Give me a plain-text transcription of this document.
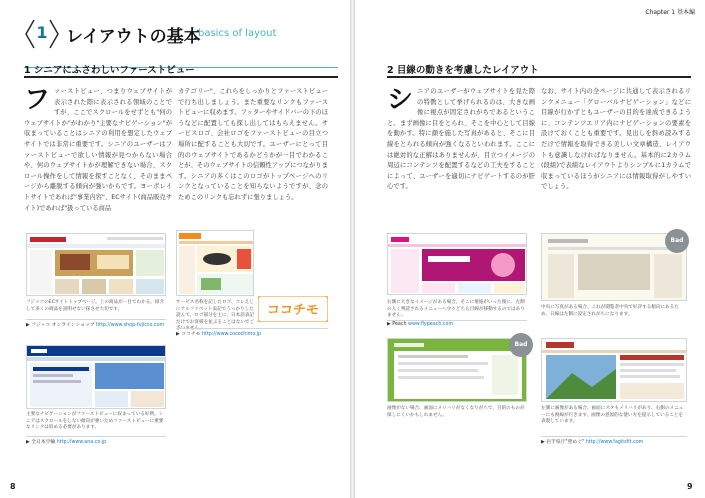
1	レイアウトの基本
basics of layout
1 シニアにふさわしいファーストビュー
フ ァーストビュー、つまりウェブサイトが表示された際に表示される領域のことですが、ここでスクロールをせずとも"何のウェブサイトか"がわかり"主要なナビゲーション"が収まっていることはシニアの利用を想定したウェブサイトでは非常に重要です。シニアのユーザーはファーストビューで欲しい情報が見つからない場合や、何のウェブサイトかが理解できない場合、スクロール操作をして情報を探すことなく、そのままページから離脱する傾向が強いからです。ヨーボレイトサイトであれば"事業内容"、ECサイト(商品販売サイト)であれば"扱っている商品
カテゴリー"、これらをしっかりとファーストビューで行ち出しましょう。また重要なリンクもファーストビューに収めます。フッターやサイドバーの下のほうなどに配置しても探し出してはもらえません。サービスロゴ、会社ロゴをファーストビューの目立つ場所に配することも大切です。ユーザーにとって目的のウェブサイトであるかどうかが一目でわかることが、そのウェブサイトの信頼性アップにつながります。シニアの多くはこのロゴがトップページへのリンクとなっていることを知らないようですが、念のためこのリンクも忘れずに張りましょう。
フジッコのECサイトトップページ。上の商品が一目でわかる。紹介して多くの商品を説明せない探させ大切です。
▶ フジッコ オンラインショップ http://www.shop-fujicco.com
ココチモ
サービス名称を記したロゴ、コレえじにアルファベット表記でうっかりした読んで、ロゴ部分を主に、日本語表記だけでお客様を並ぶることはないでございません。
▶ ココチモ http://www.cocochimo.jp
主要なナビゲーションがファーストビューに収まっている好例。シニアはスクロールをしない傾向が強いためファーストビューに重要なリンクは収める必要があります。
▶ 全日本空輸 http://www.ana.co.jp
8
Chapter 1 基本編
2 目線の動きを考慮したレイアウト
シ ニアのユーザーがウェブサイトを見た際の特徴として挙げられるのは、大きな画像に視点が固定されがちであるということ。まず画像に目をとられ、そこを中心として目線を動かす。特に顔を施した写真があると、そこに目線をとられる傾向が強くなるといわれます。ここには絶対的な正解はありませんが、目立つイメージの周辺にコンテンツを配置するなどの工夫をすることによって、ユーザーを適切にナビゲートするのが肝心です。
なお、サイト内の全ページに共通して表示されるリンクメニュー「グローバルナビゲーション」などに目線が行かずともユーザーの目的を達成できるように、コンテンツエリア内にナビゲーションの要素を設けておくことも重要です。見出しを斜め読みするだけで情報を取得できる美しい文章構造、レイアウトも意識しなければなりません。基本的に2カラム(段組)で表組なレイアウトよりシンプルに1カラムで収まっているほうがシニアには情報取得がしやすいでしょう。
右側に大きなイメージがある場合、そこに情報がいった後に、左側の人く判読されるメニューへ少々どちら目線が移動するのではありません。
▶ Peach www.flypeach.com
Bad
中央に写真がある場合、これが閲覧者中央で好評する傾向にあるため、日線は左側に設定されがちになります。
Bad
画像がない場合、画面にメリハリがなくなりがちで、目的のものが探しにくいかもしれません。
左側に画像がある場合、画面にスタもメリハリがあり、右側のメニューにも視線が行きます。画像の意図的な使い方を提示していることを表現しています。
▶ 岩手県庁"豊めぐ" http://www.fagitsfit.com
9
